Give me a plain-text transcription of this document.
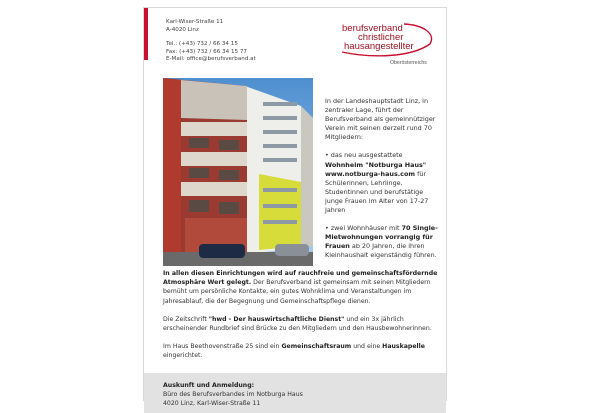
Karl-Wiser-Straße 11
A-4020 Linz
Tel.: (+43) 732 / 66 34 15
Fax: (+43) 732 / 66 34 15 77
E-Mail: office@berufsverband.at
berufsverband
christlicher
hausangestellter
Oberösterreichs

In der Landeshauptstadt Linz, in zentraler Lage, führt der Berufsverband als gemeinnütziger Verein mit seinen derzeit rund 70 Mitgliedern:

• das neu ausgestattete
Wohnheim "Notburga Haus" www.notburga-haus.com für Schülerinnen, Lehrlinge, Studentinnen und berufstätige junge Frauen im Alter von 17-27 Jahren

• zwei Wohnhäuser mit 70 Single-Mietwohnungen vorrangig für Frauen ab 20 Jahren, die ihren Kleinhaushalt eigenständig führen.

In allen diesen Einrichtungen wird auf rauchfreie und gemeinschaftsfördernde Atmosphäre Wert gelegt. Der Berufsverband ist gemeinsam mit seinen Mitgliedern bemüht um persönliche Kontakte, ein gutes Wohnklima und Veranstaltungen im Jahresablauf, die der Begegnung und Gemeinschaftspflege dienen.

Die Zeitschrift "hwd - Der hauswirtschaftliche Dienst" und ein 3x jährlich erscheinender Rundbrief sind Brücke zu den Mitgliedern und den Hausbewohnerinnen.

Im Haus Beethovenstraße 25 sind ein Gemeinschaftsraum und eine Hauskapelle eingerichtet.

Auskunft und Anmeldung:
Büro des Berufsverbandes im Notburga Haus
4020 Linz, Karl-Wiser-Straße 11
